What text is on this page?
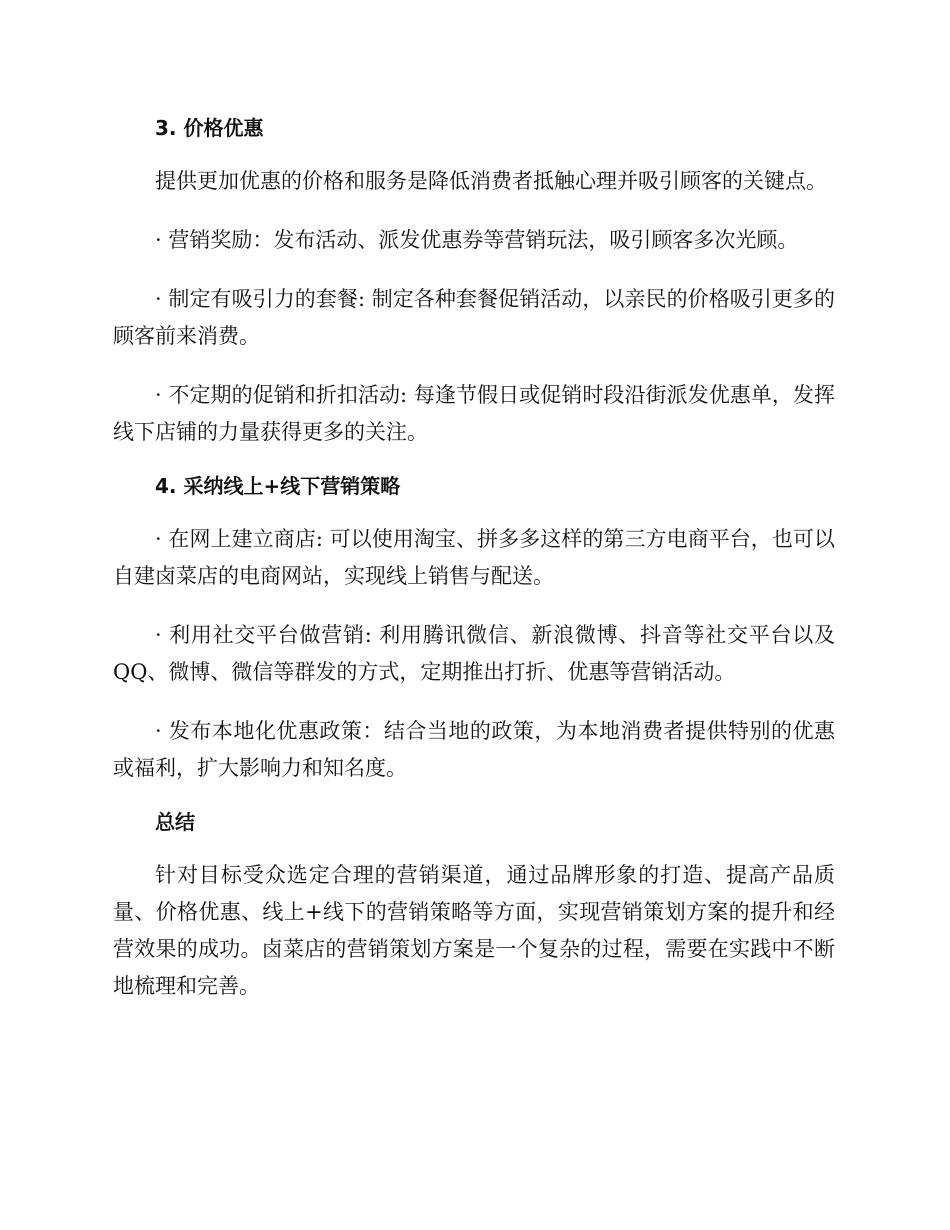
3. 价格优惠

提供更加优惠的价格和服务是降低消费者抵触心理并吸引顾客的关键点。

· 营销奖励：发布活动、派发优惠券等营销玩法，吸引顾客多次光顾。

· 制定有吸引力的套餐: 制定各种套餐促销活动，以亲民的价格吸引更多的顾客前来消费。

· 不定期的促销和折扣活动: 每逢节假日或促销时段沿街派发优惠单，发挥线下店铺的力量获得更多的关注。

4. 采纳线上+线下营销策略

· 在网上建立商店: 可以使用淘宝、拼多多这样的第三方电商平台，也可以自建卤菜店的电商网站，实现线上销售与配送。

· 利用社交平台做营销: 利用腾讯微信、新浪微博、抖音等社交平台以及QQ、微博、微信等群发的方式，定期推出打折、优惠等营销活动。

· 发布本地化优惠政策：结合当地的政策，为本地消费者提供特别的优惠或福利，扩大影响力和知名度。

总结

针对目标受众选定合理的营销渠道，通过品牌形象的打造、提高产品质量、价格优惠、线上+线下的营销策略等方面，实现营销策划方案的提升和经营效果的成功。卤菜店的营销策划方案是一个复杂的过程，需要在实践中不断地梳理和完善。
